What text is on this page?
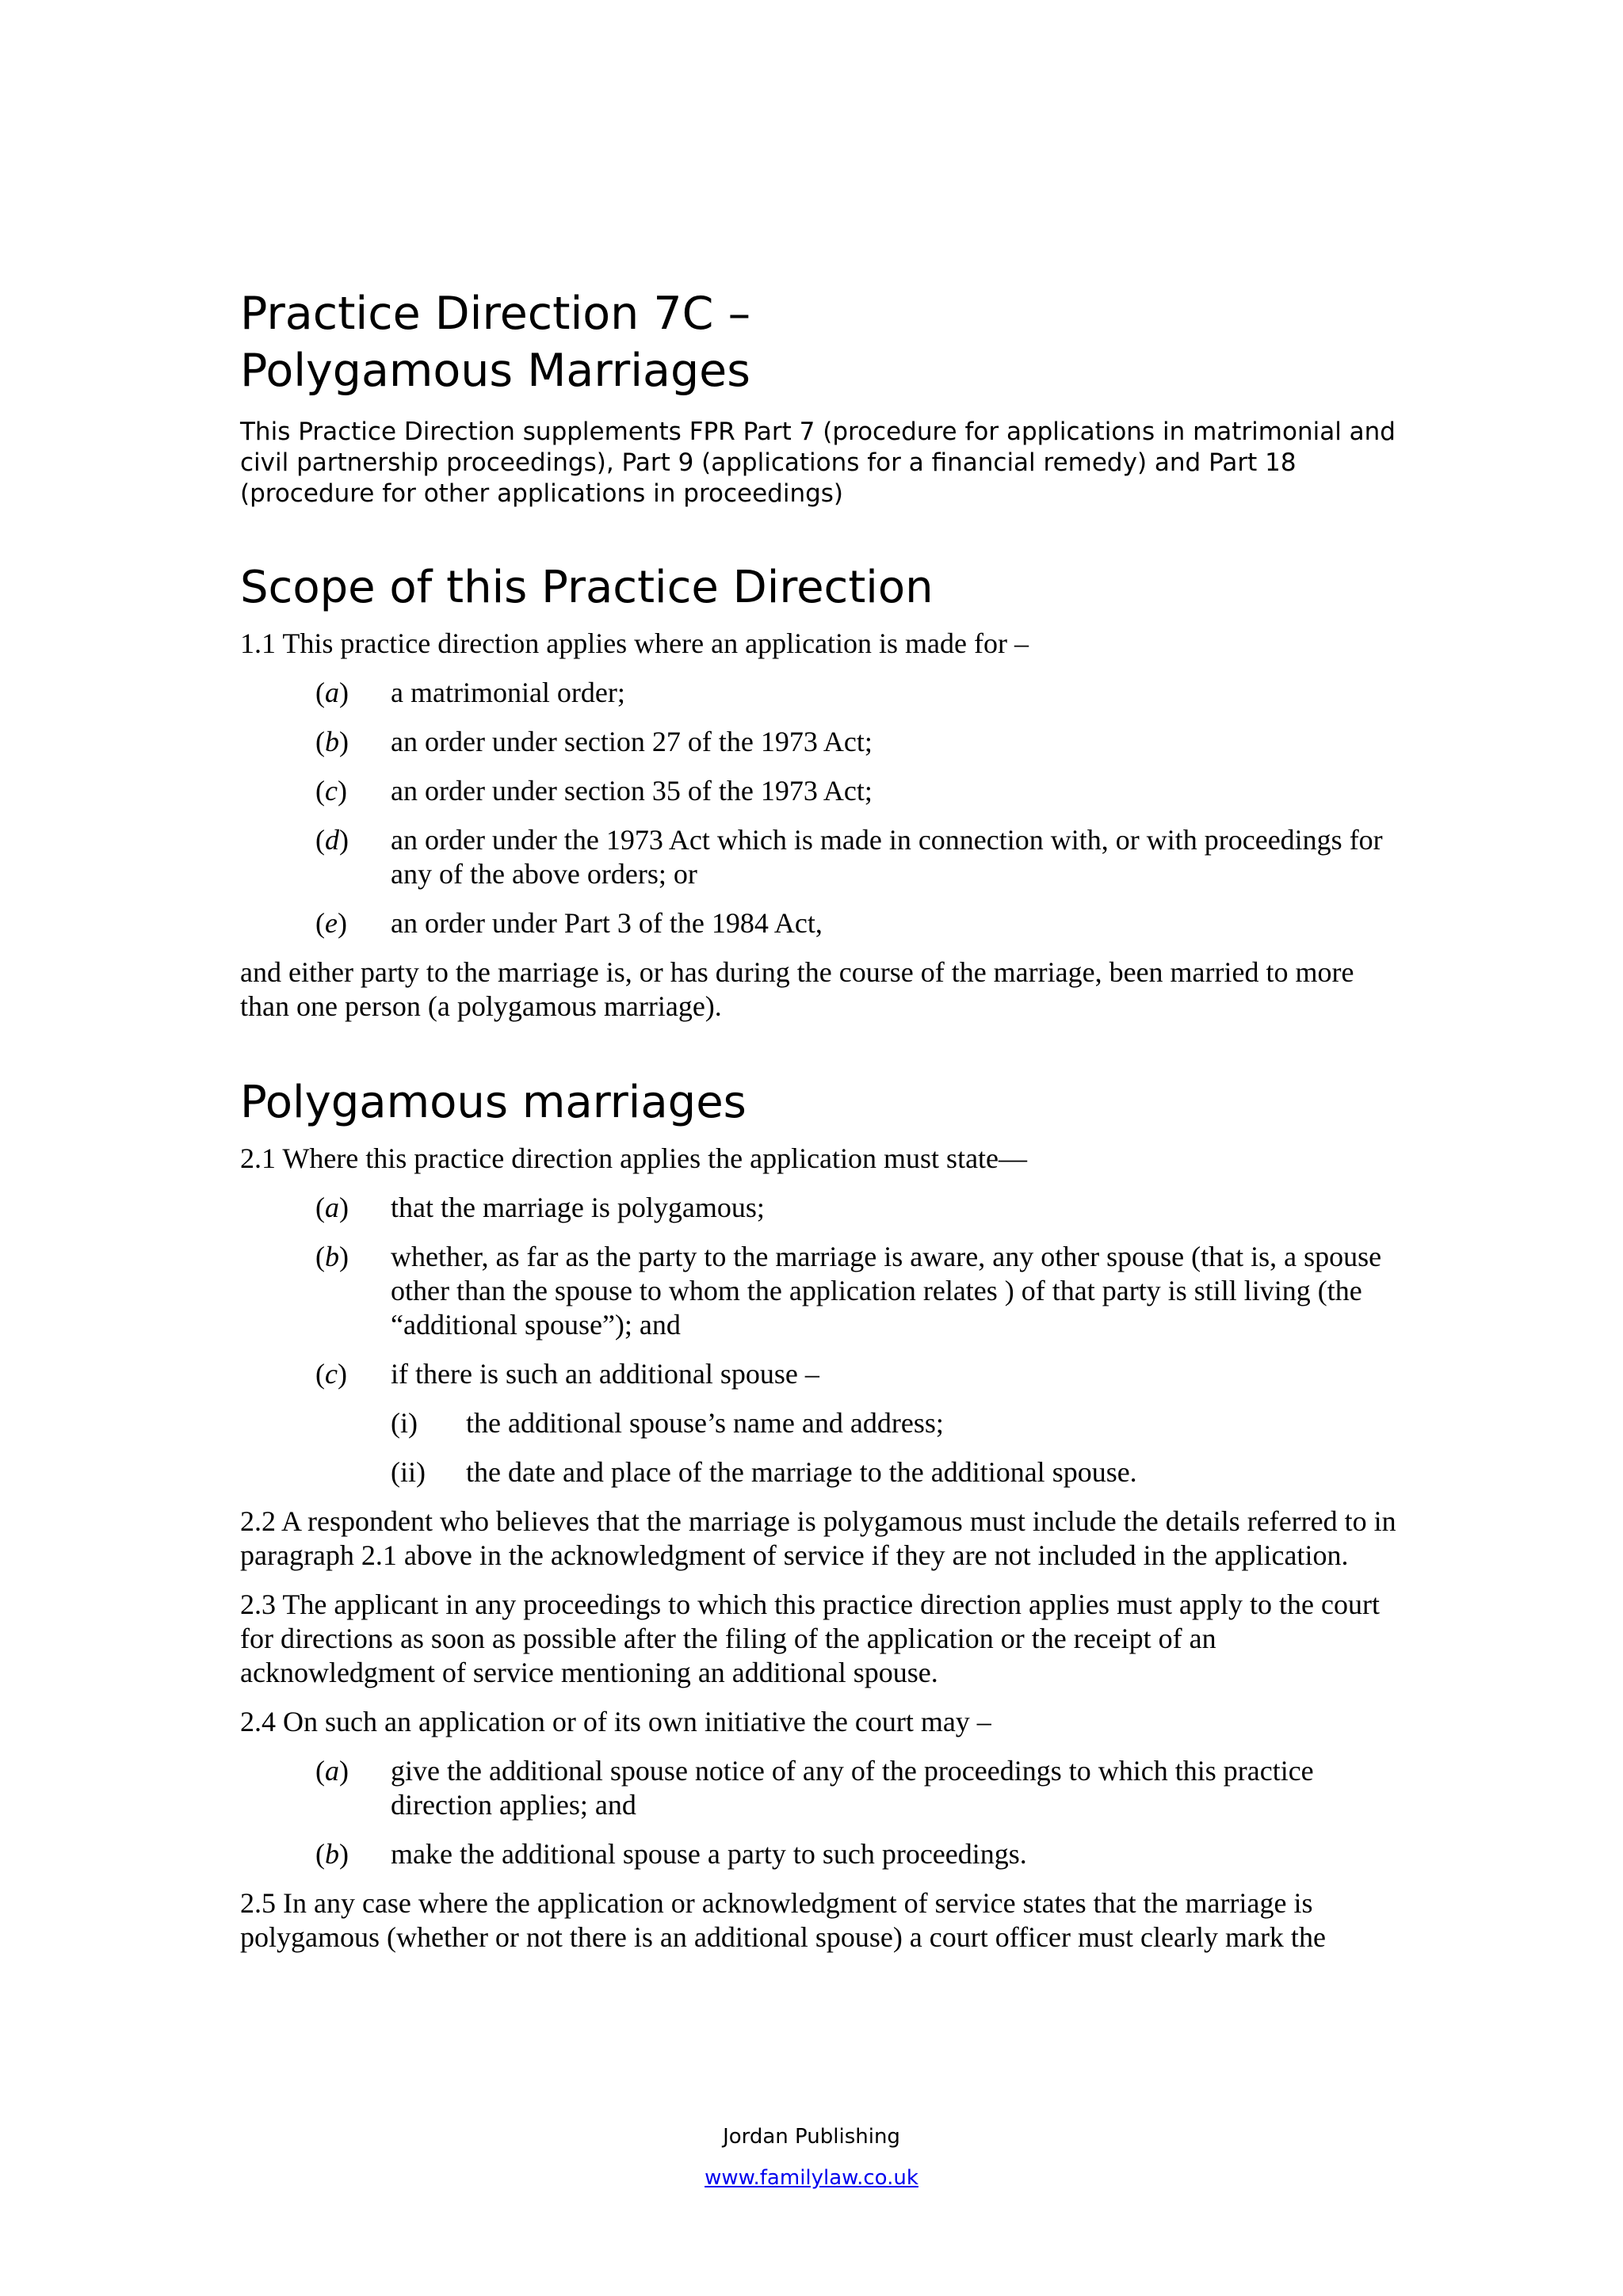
Practice Direction 7C –
Polygamous Marriages
This Practice Direction supplements FPR Part 7 (procedure for applications in matrimonial and civil partnership proceedings), Part 9 (applications for a financial remedy) and Part 18 (procedure for other applications in proceedings)
Scope of this Practice Direction
1.1 This practice direction applies where an application is made for –
(a)	a matrimonial order;
(b)	an order under section 27 of the 1973 Act;
(c)	an order under section 35 of the 1973 Act;
(d)	an order under the 1973 Act which is made in connection with, or with proceedings for any of the above orders; or
(e)	an order under Part 3 of the 1984 Act,
and either party to the marriage is, or has during the course of the marriage, been married to more than one person (a polygamous marriage).
Polygamous marriages
2.1 Where this practice direction applies the application must state—
(a)	that the marriage is polygamous;
(b)	whether, as far as the party to the marriage is aware, any other spouse (that is, a spouse other than the spouse to whom the application relates ) of that party is still living (the “additional spouse”); and
(c)	if there is such an additional spouse –
(i)	the additional spouse’s name and address;
(ii)	the date and place of the marriage to the additional spouse.
2.2 A respondent who believes that the marriage is polygamous must include the details referred to in paragraph 2.1 above in the acknowledgment of service if they are not included in the application.
2.3 The applicant in any proceedings to which this practice direction applies must apply to the court for directions as soon as possible after the filing of the application or the receipt of an acknowledgment of service mentioning an additional spouse.
2.4 On such an application or of its own initiative the court may –
(a)	give the additional spouse notice of any of the proceedings to which this practice direction applies; and
(b)	make the additional spouse a party to such proceedings.
2.5 In any case where the application or acknowledgment of service states that the marriage is polygamous (whether or not there is an additional spouse) a court officer must clearly mark the
Jordan Publishing
www.familylaw.co.uk
